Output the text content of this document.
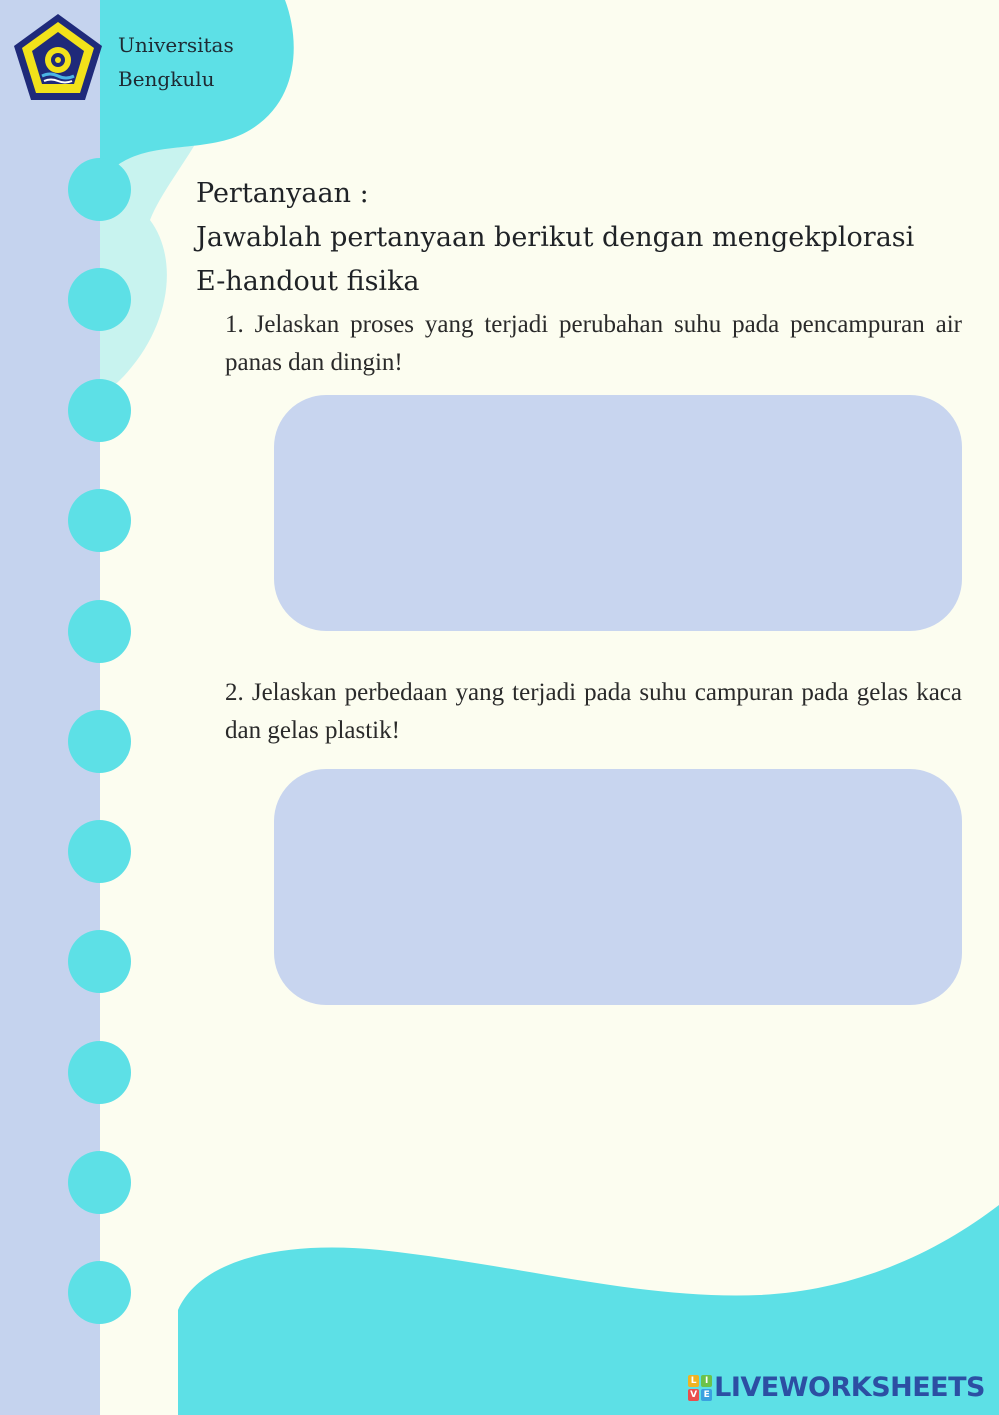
Universitas
Bengkulu
Pertanyaan :
Jawablah pertanyaan berikut dengan mengekplorasi
E-handout fisika
1. Jelaskan proses yang terjadi perubahan suhu pada pencampuran air panas dan dingin!
2. Jelaskan perbedaan yang terjadi pada suhu campuran pada gelas kaca dan gelas plastik!
L I
V E LIVEWORKSHEETS
